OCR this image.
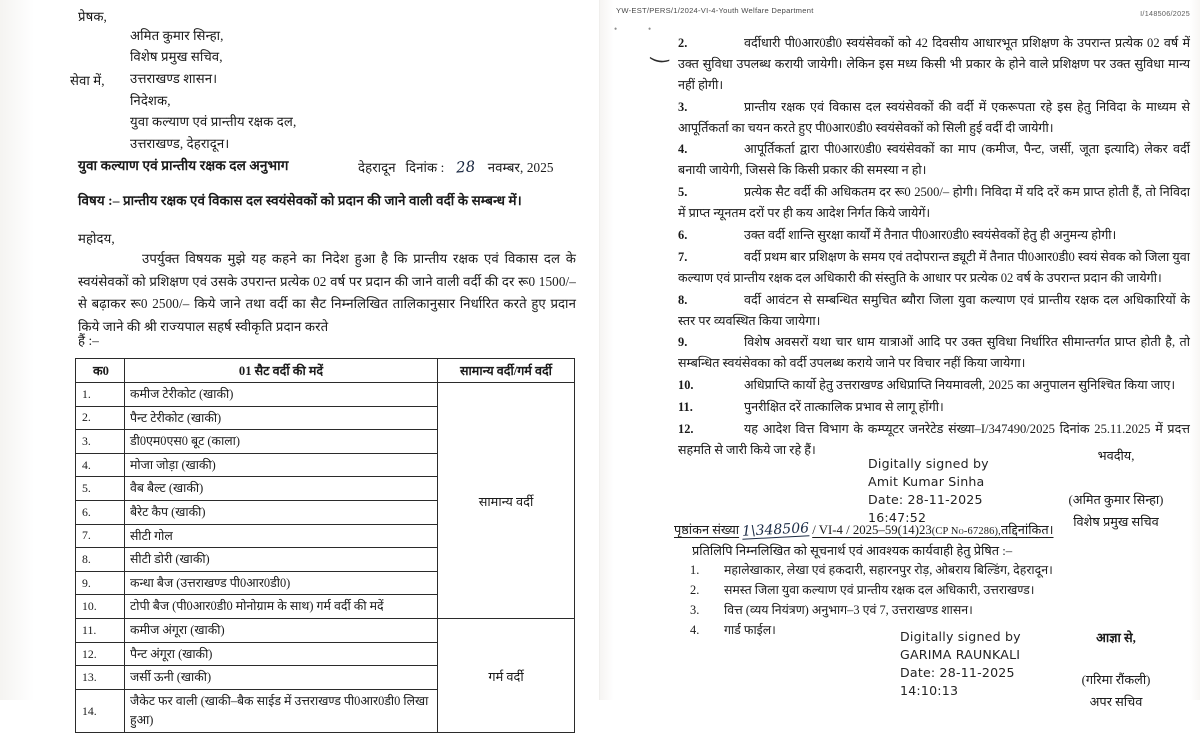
प्रेषक,
अमित कुमार सिन्हा,
विशेष प्रमुख सचिव,
उत्तराखण्ड शासन।
सेवा में,
निदेशक,
युवा कल्याण एवं प्रान्तीय रक्षक दल,
उत्तराखण्ड, देहरादून।
युवा कल्याण एवं प्रान्तीय रक्षक दल अनुभाग	देहरादून दिनांक : 28 नवम्बर, 2025
विषय :– प्रान्तीय रक्षक एवं विकास दल स्वयंसेवकों को प्रदान की जाने वाली वर्दी के सम्बन्ध में।
महोदय,
उपर्युक्त विषयक मुझे यह कहने का निदेश हुआ है कि प्रान्तीय रक्षक एवं विकास दल के स्वयंसेवकों को प्रशिक्षण एवं उसके उपरान्त प्रत्येक 02 वर्ष पर प्रदान की जाने वाली वर्दी की दर रू0 1500/– से बढ़ाकर रू0 2500/– किये जाने तथा वर्दी का सैट निम्नलिखित तालिकानुसार निर्धारित करते हुए प्रदान किये जाने की श्री राज्यपाल सहर्ष स्वीकृति प्रदान करते
हैं :–
क0	01 सैट वर्दी की मदें	सामान्य वर्दी/गर्म वर्दी
1.	कमीज टेरीकोट (खाकी)	सामान्य वर्दी
2.	पैन्ट टेरीकोट (खाकी)	
3.	डी0एम0एस0 बूट (काला)	
4.	मोजा जोड़ा (खाकी)	
5.	वैब बैल्ट (खाकी)	
6.	बैरेट कैप (खाकी)	
7.	सीटी गोल	
8.	सीटी डोरी (खाकी)	
9.	कन्धा बैज (उत्तराखण्ड पी0आर0डी0)	
10.	टोपी बैज (पी0आर0डी0 मोनोग्राम के साथ) गर्म वर्दी की मदें	
11.	कमीज अंगूरा (खाकी)	गर्म वर्दी
12.	पैन्ट अंगूरा (खाकी)	
13.	जर्सी ऊनी (खाकी)	
14.	जैकेट फर वाली (खाकी–बैक साईड में उत्तराखण्ड पी0आर0डी0 लिखा हुआ)	
YW-EST/PERS/1/2024-VI-4-Youth Welfare Department	I/148506/2025
•	•
‿ 2.	वर्दीधारी पी0आर0डी0 स्वयंसेवकों को 42 दिवसीय आधारभूत प्रशिक्षण के उपरान्त प्रत्येक 02 वर्ष में उक्त सुविधा उपलब्ध करायी जायेगी। लेकिन इस मध्य किसी भी प्रकार के होने वाले प्रशिक्षण पर उक्त सुविधा मान्य नहीं होगी।
3.	प्रान्तीय रक्षक एवं विकास दल स्वयंसेवकों की वर्दी में एकरूपता रहे इस हेतु निविदा के माध्यम से आपूर्तिकर्ता का चयन करते हुए पी0आर0डी0 स्वयंसेवकों को सिली हुई वर्दी दी जायेगी।
4.	आपूर्तिकर्ता द्वारा पी0आर0डी0 स्वयंसेवकों का माप (कमीज, पैन्ट, जर्सी, जूता इत्यादि) लेकर वर्दी बनायी जायेगी, जिससे कि किसी प्रकार की समस्या न हो।
5.	प्रत्येक सैट वर्दी की अधिकतम दर रू0 2500/– होगी। निविदा में यदि दरें कम प्राप्त होती हैं, तो निविदा में प्राप्त न्यूनतम दरों पर ही कय आदेश निर्गत किये जायेगें।
6.	उक्त वर्दी शान्ति सुरक्षा कार्यों में तैनात पी0आर0डी0 स्वयंसेवकों हेतु ही अनुमन्य होगी।
7.	वर्दी प्रथम बार प्रशिक्षण के समय एवं तदोपरान्त ड्यूटी में तैनात पी0आर0डी0 स्वयं सेवक को जिला युवा कल्याण एवं प्रान्तीय रक्षक दल अधिकारी की संस्तुति के आधार पर प्रत्येक 02 वर्ष के उपरान्त प्रदान की जायेगी।
8.	वर्दी आवंटन से सम्बन्धित समुचित ब्यौरा जिला युवा कल्याण एवं प्रान्तीय रक्षक दल अधिकारियों के स्तर पर व्यवस्थित किया जायेगा।
9.	विशेष अवसरों यथा चार धाम यात्राओं आदि पर उक्त सुविधा निर्धारित सीमान्तर्गत प्राप्त होती है, तो सम्बन्धित स्वयंसेवका को वर्दी उपलब्ध कराये जाने पर विचार नहीं किया जायेगा।
10.	अधिप्राप्ति कार्यो हेतु उत्तराखण्ड अधिप्राप्ति नियमावली, 2025 का अनुपालन सुनिश्चित किया जाए।
11.	पुनरीक्षित दरें तात्कालिक प्रभाव से लागू होंगी।
12.	यह आदेश वित्त विभाग के कम्प्यूटर जनरेटेड संख्या–I/347490/2025 दिनांक 25.11.2025 में प्रदत्त सहमति से जारी किये जा रहे हैं।
Digitally signed by
Amit Kumar Sinha
Date: 28-11-2025
16:47:52
भवदीय,
(अमित कुमार सिन्हा)
विशेष प्रमुख सचिव
पृष्ठांकन संख्या 1\348506 / VI-4 / 2025–59(14)23 (CP No-67286), तद्दिनांकित।
प्रतिलिपि निम्नलिखित को सूचनार्थ एवं आवश्यक कार्यवाही हेतु प्रेषित :–
1. महालेखाकार, लेखा एवं हकदारी, सहारनपुर रोड़, ओबराय बिल्डिंग, देहरादून।
2. समस्त जिला युवा कल्याण एवं प्रान्तीय रक्षक दल अधिकारी, उत्तराखण्ड।
3. वित्त (व्यय नियंत्रण) अनुभाग–3 एवं 7, उत्तराखण्ड शासन।
4. गार्ड फाईल।	Digitally signed by
GARIMA RAUNKALI
Date: 28-11-2025
14:10:13
आज्ञा से,
(गरिमा रौंकली)
अपर सचिव
